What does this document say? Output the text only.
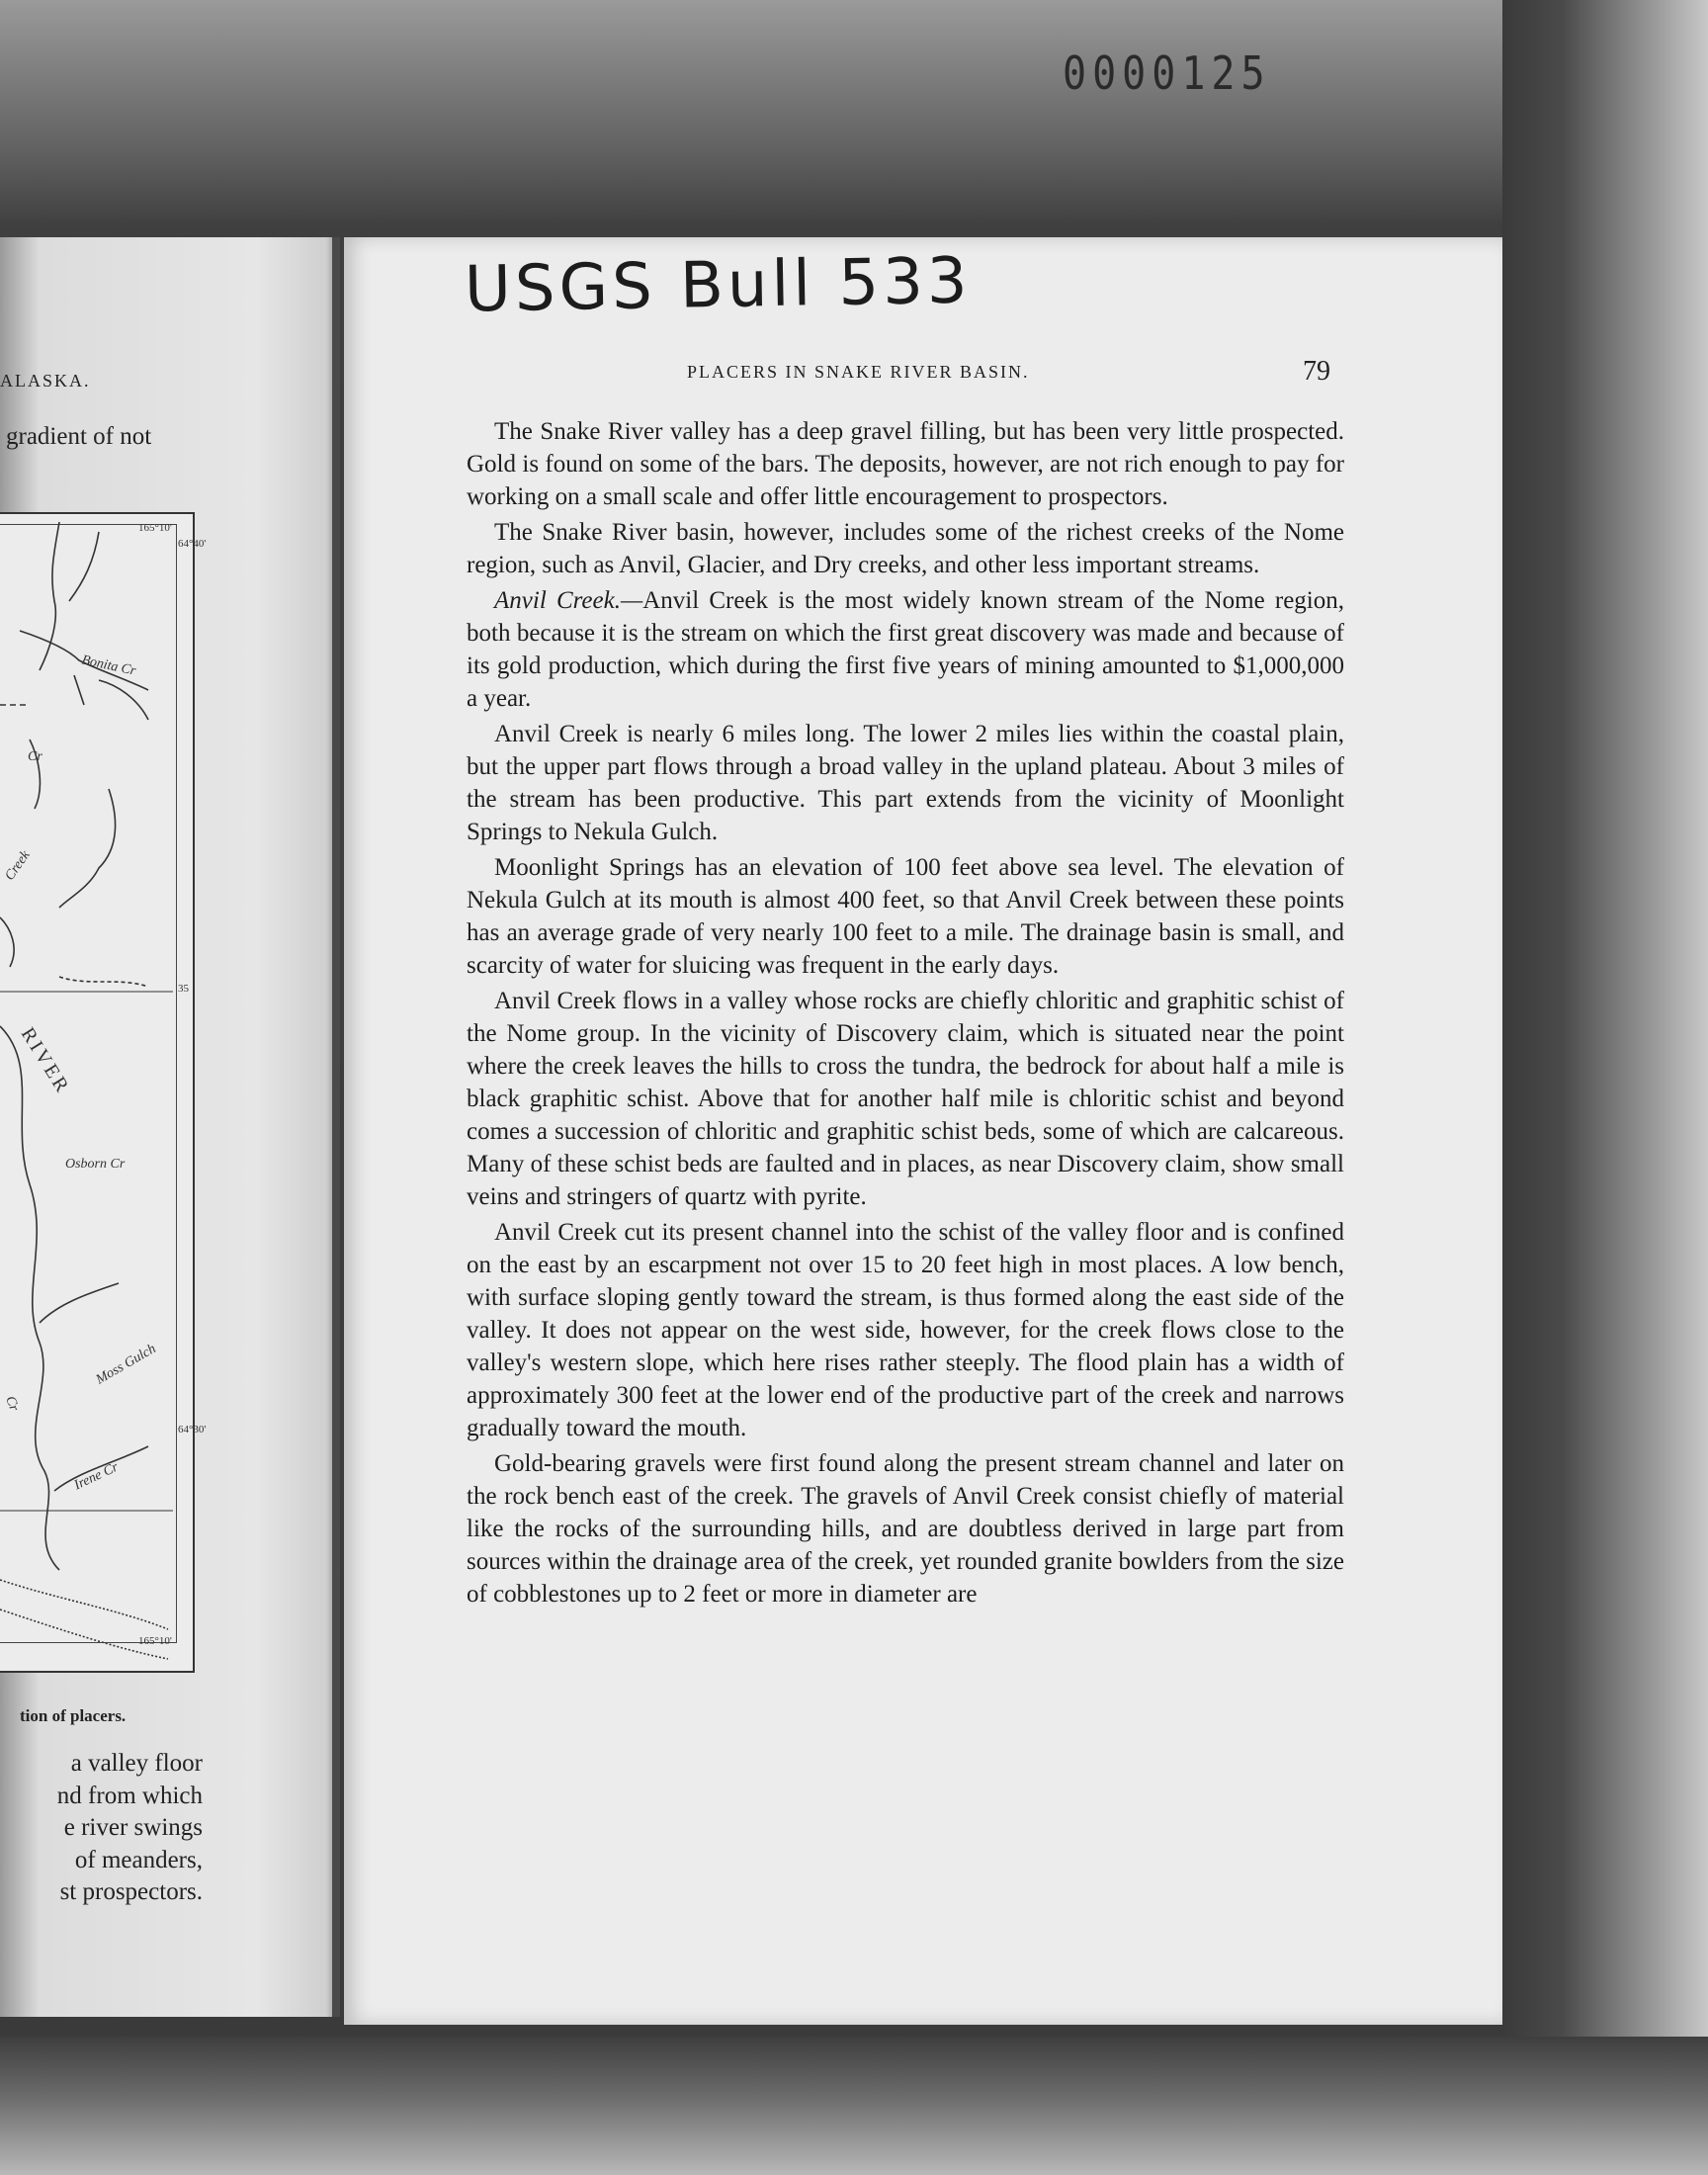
0000125
ALASKA.
gradient of not
Bonita Cr
Cr
Creek
RIVER
Osborn Cr
Moss Gulch
Cr
Irene Cr
165°10'
64°40'
35
64°30'
165°10'
tion of placers.
a valley floor
nd from which
e river swings
of meanders,
st prospectors.
USGS Bull 533
PLACERS IN SNAKE RIVER BASIN.	79

The Snake River valley has a deep gravel filling, but has been very little prospected. Gold is found on some of the bars. The deposits, however, are not rich enough to pay for working on a small scale and offer little encouragement to prospectors.

The Snake River basin, however, includes some of the richest creeks of the Nome region, such as Anvil, Glacier, and Dry creeks, and other less important streams.

Anvil Creek.—Anvil Creek is the most widely known stream of the Nome region, both because it is the stream on which the first great discovery was made and because of its gold production, which during the first five years of mining amounted to $1,000,000 a year.

Anvil Creek is nearly 6 miles long. The lower 2 miles lies within the coastal plain, but the upper part flows through a broad valley in the upland plateau. About 3 miles of the stream has been productive. This part extends from the vicinity of Moonlight Springs to Nekula Gulch.

Moonlight Springs has an elevation of 100 feet above sea level. The elevation of Nekula Gulch at its mouth is almost 400 feet, so that Anvil Creek between these points has an average grade of very nearly 100 feet to a mile. The drainage basin is small, and scarcity of water for sluicing was frequent in the early days.

Anvil Creek flows in a valley whose rocks are chiefly chloritic and graphitic schist of the Nome group. In the vicinity of Discovery claim, which is situated near the point where the creek leaves the hills to cross the tundra, the bedrock for about half a mile is black graphitic schist. Above that for another half mile is chloritic schist and beyond comes a succession of chloritic and graphitic schist beds, some of which are calcareous. Many of these schist beds are faulted and in places, as near Discovery claim, show small veins and stringers of quartz with pyrite.

Anvil Creek cut its present channel into the schist of the valley floor and is confined on the east by an escarpment not over 15 to 20 feet high in most places. A low bench, with surface sloping gently toward the stream, is thus formed along the east side of the valley. It does not appear on the west side, however, for the creek flows close to the valley's western slope, which here rises rather steeply. The flood plain has a width of approximately 300 feet at the lower end of the productive part of the creek and narrows gradually toward the mouth.

Gold-bearing gravels were first found along the present stream channel and later on the rock bench east of the creek. The gravels of Anvil Creek consist chiefly of material like the rocks of the surrounding hills, and are doubtless derived in large part from sources within the drainage area of the creek, yet rounded granite bowlders from the size of cobblestones up to 2 feet or more in diameter are
